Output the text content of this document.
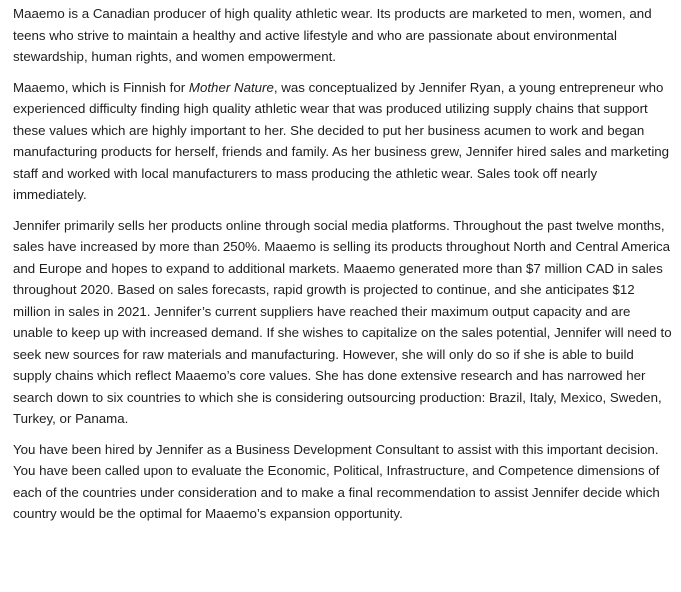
Maaemo is a Canadian producer of high quality athletic wear. Its products are marketed to men, women, and teens who strive to maintain a healthy and active lifestyle and who are passionate about environmental stewardship, human rights, and women empowerment.

Maaemo, which is Finnish for Mother Nature, was conceptualized by Jennifer Ryan, a young entrepreneur who experienced difficulty finding high quality athletic wear that was produced utilizing supply chains that support these values which are highly important to her. She decided to put her business acumen to work and began manufacturing products for herself, friends and family. As her business grew, Jennifer hired sales and marketing staff and worked with local manufacturers to mass producing the athletic wear. Sales took off nearly immediately.

Jennifer primarily sells her products online through social media platforms. Throughout the past twelve months, sales have increased by more than 250%. Maaemo is selling its products throughout North and Central America and Europe and hopes to expand to additional markets. Maaemo generated more than $7 million CAD in sales throughout 2020. Based on sales forecasts, rapid growth is projected to continue, and she anticipates $12 million in sales in 2021. Jennifer’s current suppliers have reached their maximum output capacity and are unable to keep up with increased demand. If she wishes to capitalize on the sales potential, Jennifer will need to seek new sources for raw materials and manufacturing. However, she will only do so if she is able to build supply chains which reflect Maaemo’s core values. She has done extensive research and has narrowed her search down to six countries to which she is considering outsourcing production: Brazil, Italy, Mexico, Sweden, Turkey, or Panama.

You have been hired by Jennifer as a Business Development Consultant to assist with this important decision. You have been called upon to evaluate the Economic, Political, Infrastructure, and Competence dimensions of each of the countries under consideration and to make a final recommendation to assist Jennifer decide which country would be the optimal for Maaemo’s expansion opportunity.
